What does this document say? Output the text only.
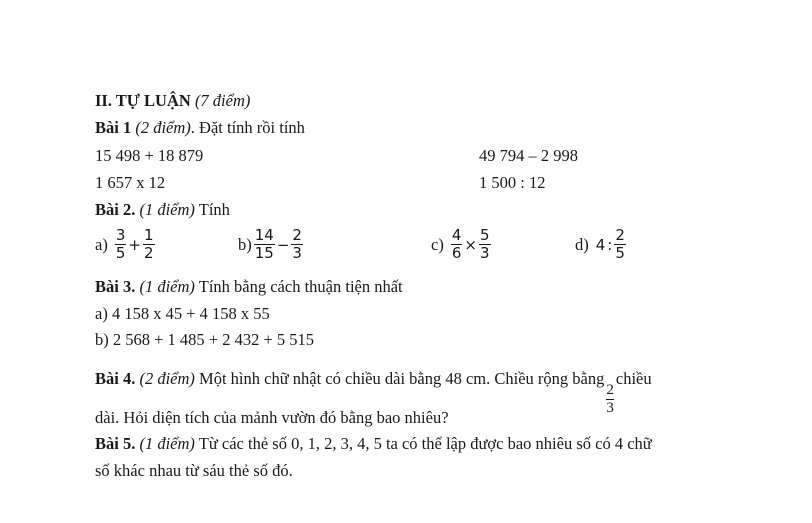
II. TỰ LUẬN (7 điểm)
Bài 1 (2 điểm). Đặt tính rồi tính
15 498 + 18 879	49 794 – 2 998
1 657 x 12	1 500 : 12
Bài 2. (1 điểm) Tính
$a) \frac{3}{5} + \frac{1}{2}$	$b) \frac{14}{15} - \frac{2}{3}$	$c) \frac{4}{6} \times \frac{5}{3}$	d) 4 : $\frac{2}{5}$
Bài 3. (1 điểm) Tính bằng cách thuận tiện nhất
a) 4 158 x 45 + 4 158 x 55
b) 2 568 + 1 485 + 2 432 + 5 515
Bài 4. (2 điểm) Một hình chữ nhật có chiều dài bằng 48 cm. Chiều rộng bằng
$\frac{2}{3}$
chiều
dài. Hỏi diện tích của mảnh vườn đó bằng bao nhiêu?
Bài 5. (1 điểm) Từ các thẻ số 0, 1, 2, 3, 4, 5 ta có thể lập được bao nhiêu số có 4 chữ
số khác nhau từ sáu thẻ số đó.
